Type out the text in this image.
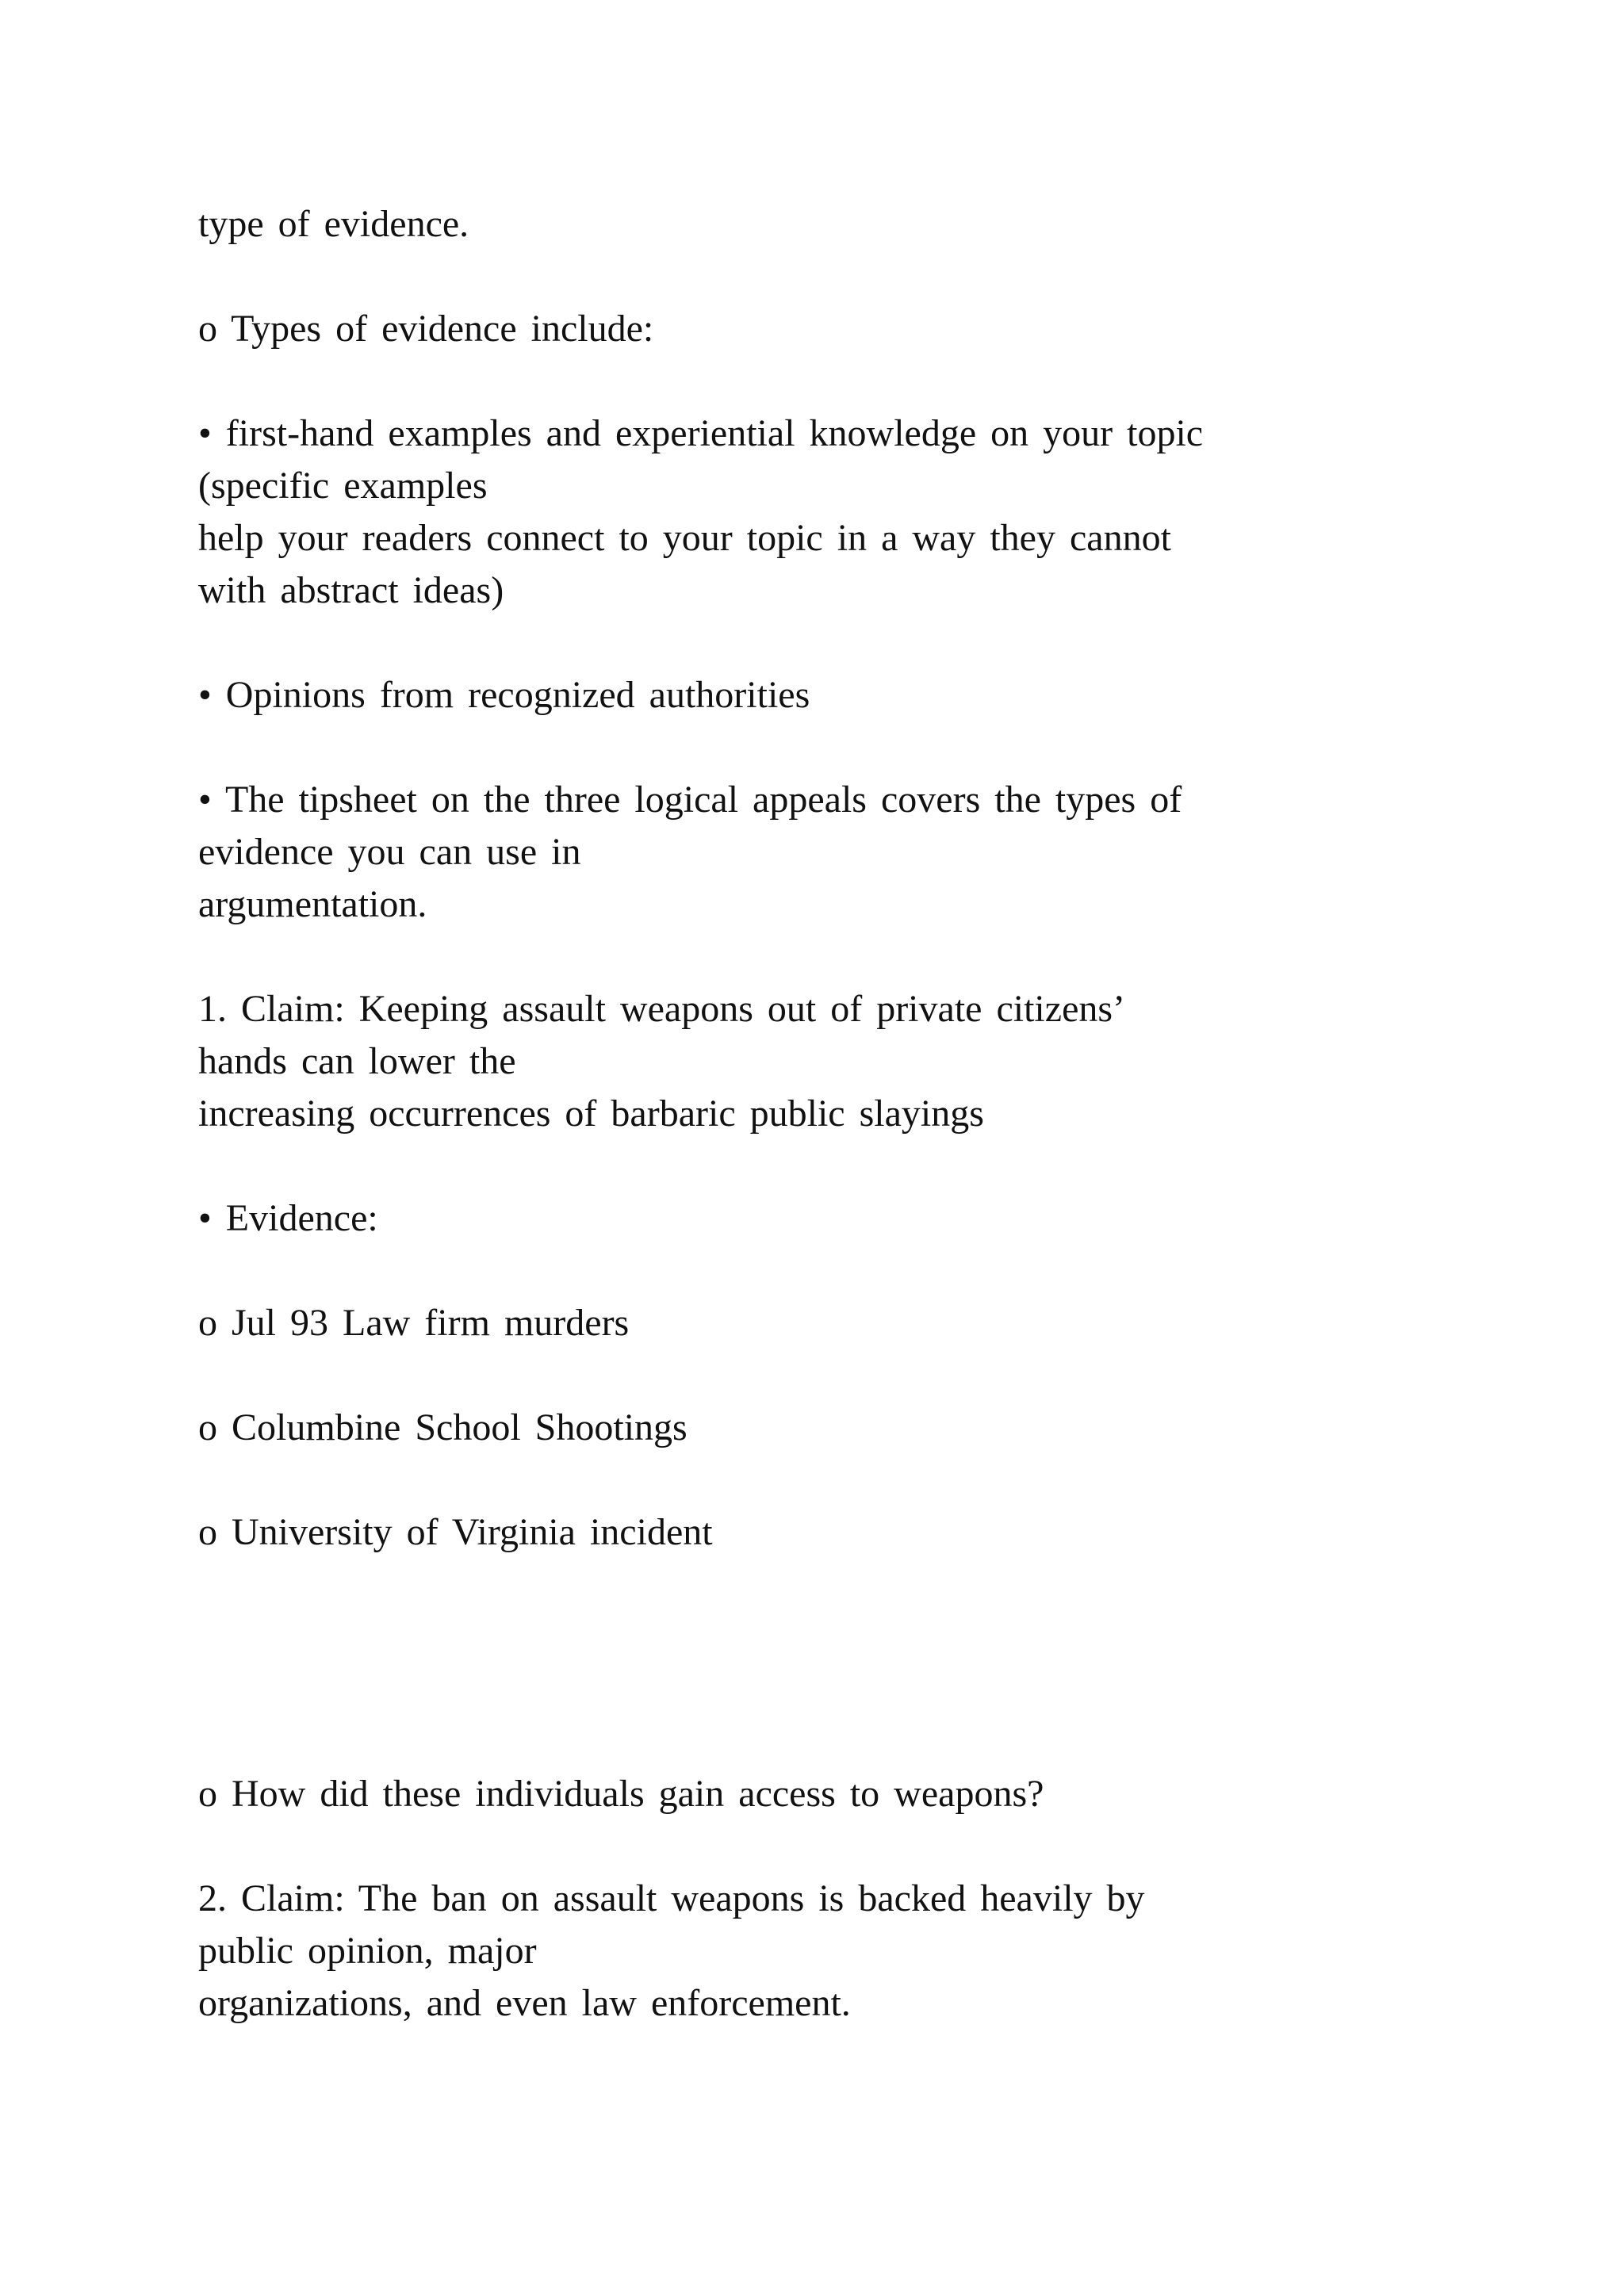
type of evidence.

o Types of evidence include:

• first-hand examples and experiential knowledge on your topic

(specific examples

help your readers connect to your topic in a way they cannot

with abstract ideas)

• Opinions from recognized authorities

• The tipsheet on the three logical appeals covers the types of

evidence you can use in

argumentation.

1. Claim: Keeping assault weapons out of private citizens’

hands can lower the

increasing occurrences of barbaric public slayings

• Evidence:

o Jul 93 Law firm murders

o Columbine School Shootings

o University of Virginia incident

o How did these individuals gain access to weapons?

2. Claim: The ban on assault weapons is backed heavily by

public opinion, major

organizations, and even law enforcement.
